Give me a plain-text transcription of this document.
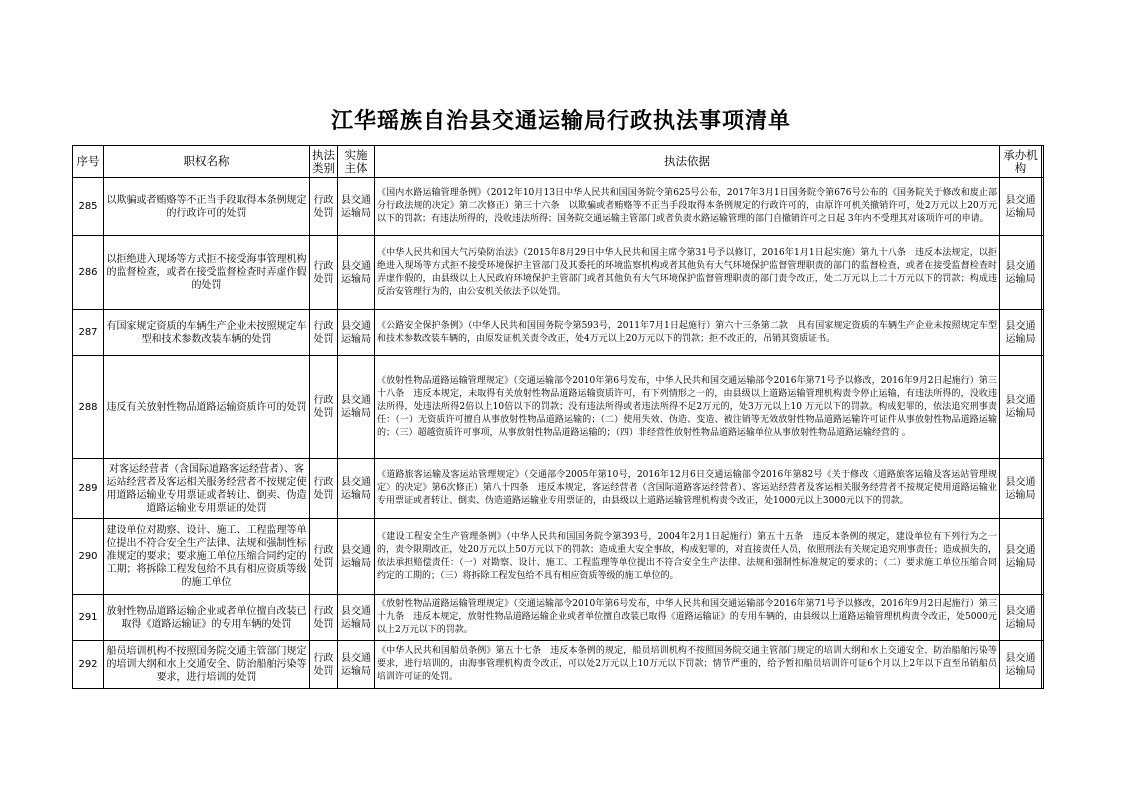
江华瑶族自治县交通运输局行政执法事项清单
序号	职权名称	执法类别	实施主体	执法依据	承办机构	
285	以欺骗或者贿赂等不正当手段取得本条例规定的行政许可的处罚	行政处罚	县交通运输局	《国内水路运输管理条例》（2012年10月13日中华人民共和国国务院令第625号公布，2017年3月1日国务院令第676号公布的《国务院关于修改和废止部分行政法规的决定》第二次修正）第三十六条　以欺骗或者贿赂等不正当手段取得本条例规定的行政许可的，由原许可机关撤销许可，处2万元以上20万元以下的罚款；有违法所得的，没收违法所得；国务院交通运输主管部门或者负责水路运输管理的部门自撤销许可之日起 3年内不受理其对该项许可的申请。	县交通运输局	
286	以拒绝进入现场等方式拒不接受海事管理机构的监督检查，或者在接受监督检查时弄虚作假的处罚	行政处罚	县交通运输局	《中华人民共和国大气污染防治法》（2015年8月29日中华人民共和国主席令第31号予以修订，2016年1月1日起实施）第九十八条　违反本法规定，以拒绝进入现场等方式拒不接受环境保护主管部门及其委托的环境监察机构或者其他负有大气环境保护监督管理职责的部门的监督检查，或者在接受监督检查时弄虚作假的，由县级以上人民政府环境保护主管部门或者其他负有大气环境保护监督管理职责的部门责令改正，处二万元以上二十万元以下的罚款；构成违反治安管理行为的，由公安机关依法予以处罚。	县交通运输局	
287	有国家规定资质的车辆生产企业未按照规定车型和技术参数改装车辆的处罚	行政处罚	县交通运输局	《公路安全保护条例》（中华人民共和国国务院令第593号，2011年7月1日起施行）第六十三条第二款　具有国家规定资质的车辆生产企业未按照规定车型和技术参数改装车辆的，由原发证机关责令改正，处4万元以上20万元以下的罚款；拒不改正的，吊销其资质证书。	县交通运输局	
288	违反有关放射性物品道路运输资质许可的处罚	行政处罚	县交通运输局	《放射性物品道路运输管理规定》（交通运输部令2010年第6号发布，中华人民共和国交通运输部令2016年第71号予以修改，2016年9月2日起施行）第三十八条　违反本规定，未取得有关放射性物品道路运输资质许可，有下列情形之一的，由县级以上道路运输管理机构责令停止运输，有违法所得的，没收违法所得，处违法所得2倍以上10倍以下的罚款；没有违法所得或者违法所得不足2万元的，处3万元以上10 万元以下的罚款。构成犯罪的，依法追究刑事责任：（一）无资质许可擅自从事放射性物品道路运输的；（二）使用失效、伪造、变造、被注销等无效放射性物品道路运输许可证件从事放射性物品道路运输的；（三）超越资质许可事项，从事放射性物品道路运输的；（四）非经营性放射性物品道路运输单位从事放射性物品道路运输经营的 。	县交通运输局	
289	对客运经营者（含国际道路客运经营者）、客运站经营者及客运相关服务经营者不按规定使用道路运输业专用票证或者转让、倒卖、伪造道路运输业专用票证的处罚	行政处罚	县交通运输局	《道路旅客运输及客运站管理规定》（交通部令2005年第10号，2016年12月6日交通运输部令2016年第82号《关于修改〈道路旅客运输及客运站管理规定〉的决定》第6次修正）第八十四条　违反本规定，客运经营者（含国际道路客运经营者）、客运站经营者及客运相关服务经营者不按规定使用道路运输业专用票证或者转让、倒卖、伪造道路运输业专用票证的，由县级以上道路运输管理机构责令改正，处1000元以上3000元以下的罚款。	县交通运输局	
290	建设单位对勘察、设计、施工、工程监理等单位提出不符合安全生产法律、法规和强制性标准规定的要求；要求施工单位压缩合同约定的工期；将拆除工程发包给不具有相应资质等级的施工单位	行政处罚	县交通运输局	《建设工程安全生产管理条例》（中华人民共和国国务院令第393号，2004年2月1日起施行）第五十五条　违反本条例的规定，建设单位有下列行为之一的，责令限期改正，处20万元以上50万元以下的罚款；造成重大安全事故，构成犯罪的，对直接责任人员，依照刑法有关规定追究刑事责任；造成损失的，依法承担赔偿责任：（一）对勘察、设计、施工、工程监理等单位提出不符合安全生产法律、法规和强制性标准规定的要求的；（二）要求施工单位压缩合同约定的工期的；（三）将拆除工程发包给不具有相应资质等级的施工单位的。	县交通运输局	
291	放射性物品道路运输企业或者单位擅自改装已取得《道路运输证》的专用车辆的处罚	行政处罚	县交通运输局	《放射性物品道路运输管理规定》（交通运输部令2010年第6号发布，中华人民共和国交通运输部令2016年第71号予以修改，2016年9月2日起施行）第三十九条　违反本规定，放射性物品道路运输企业或者单位擅自改装已取得《道路运输证》的专用车辆的，由县级以上道路运输管理机构责令改正，处5000元以上2万元以下的罚款。	县交通运输局	
292	船员培训机构不按照国务院交通主管部门规定的培训大纲和水上交通安全、防治船舶污染等要求，进行培训的处罚	行政处罚	县交通运输局	《中华人民共和国船员条例》第五十七条　违反本条例的规定，船员培训机构不按照国务院交通主管部门规定的培训大纲和水上交通安全、防治船舶污染等要求，进行培训的，由海事管理机构责令改正，可以处2万元以上10万元以下罚款；情节严重的，给予暂扣船员培训许可证6个月以上2年以下直至吊销船员培训许可证的处罚。	县交通运输局	
